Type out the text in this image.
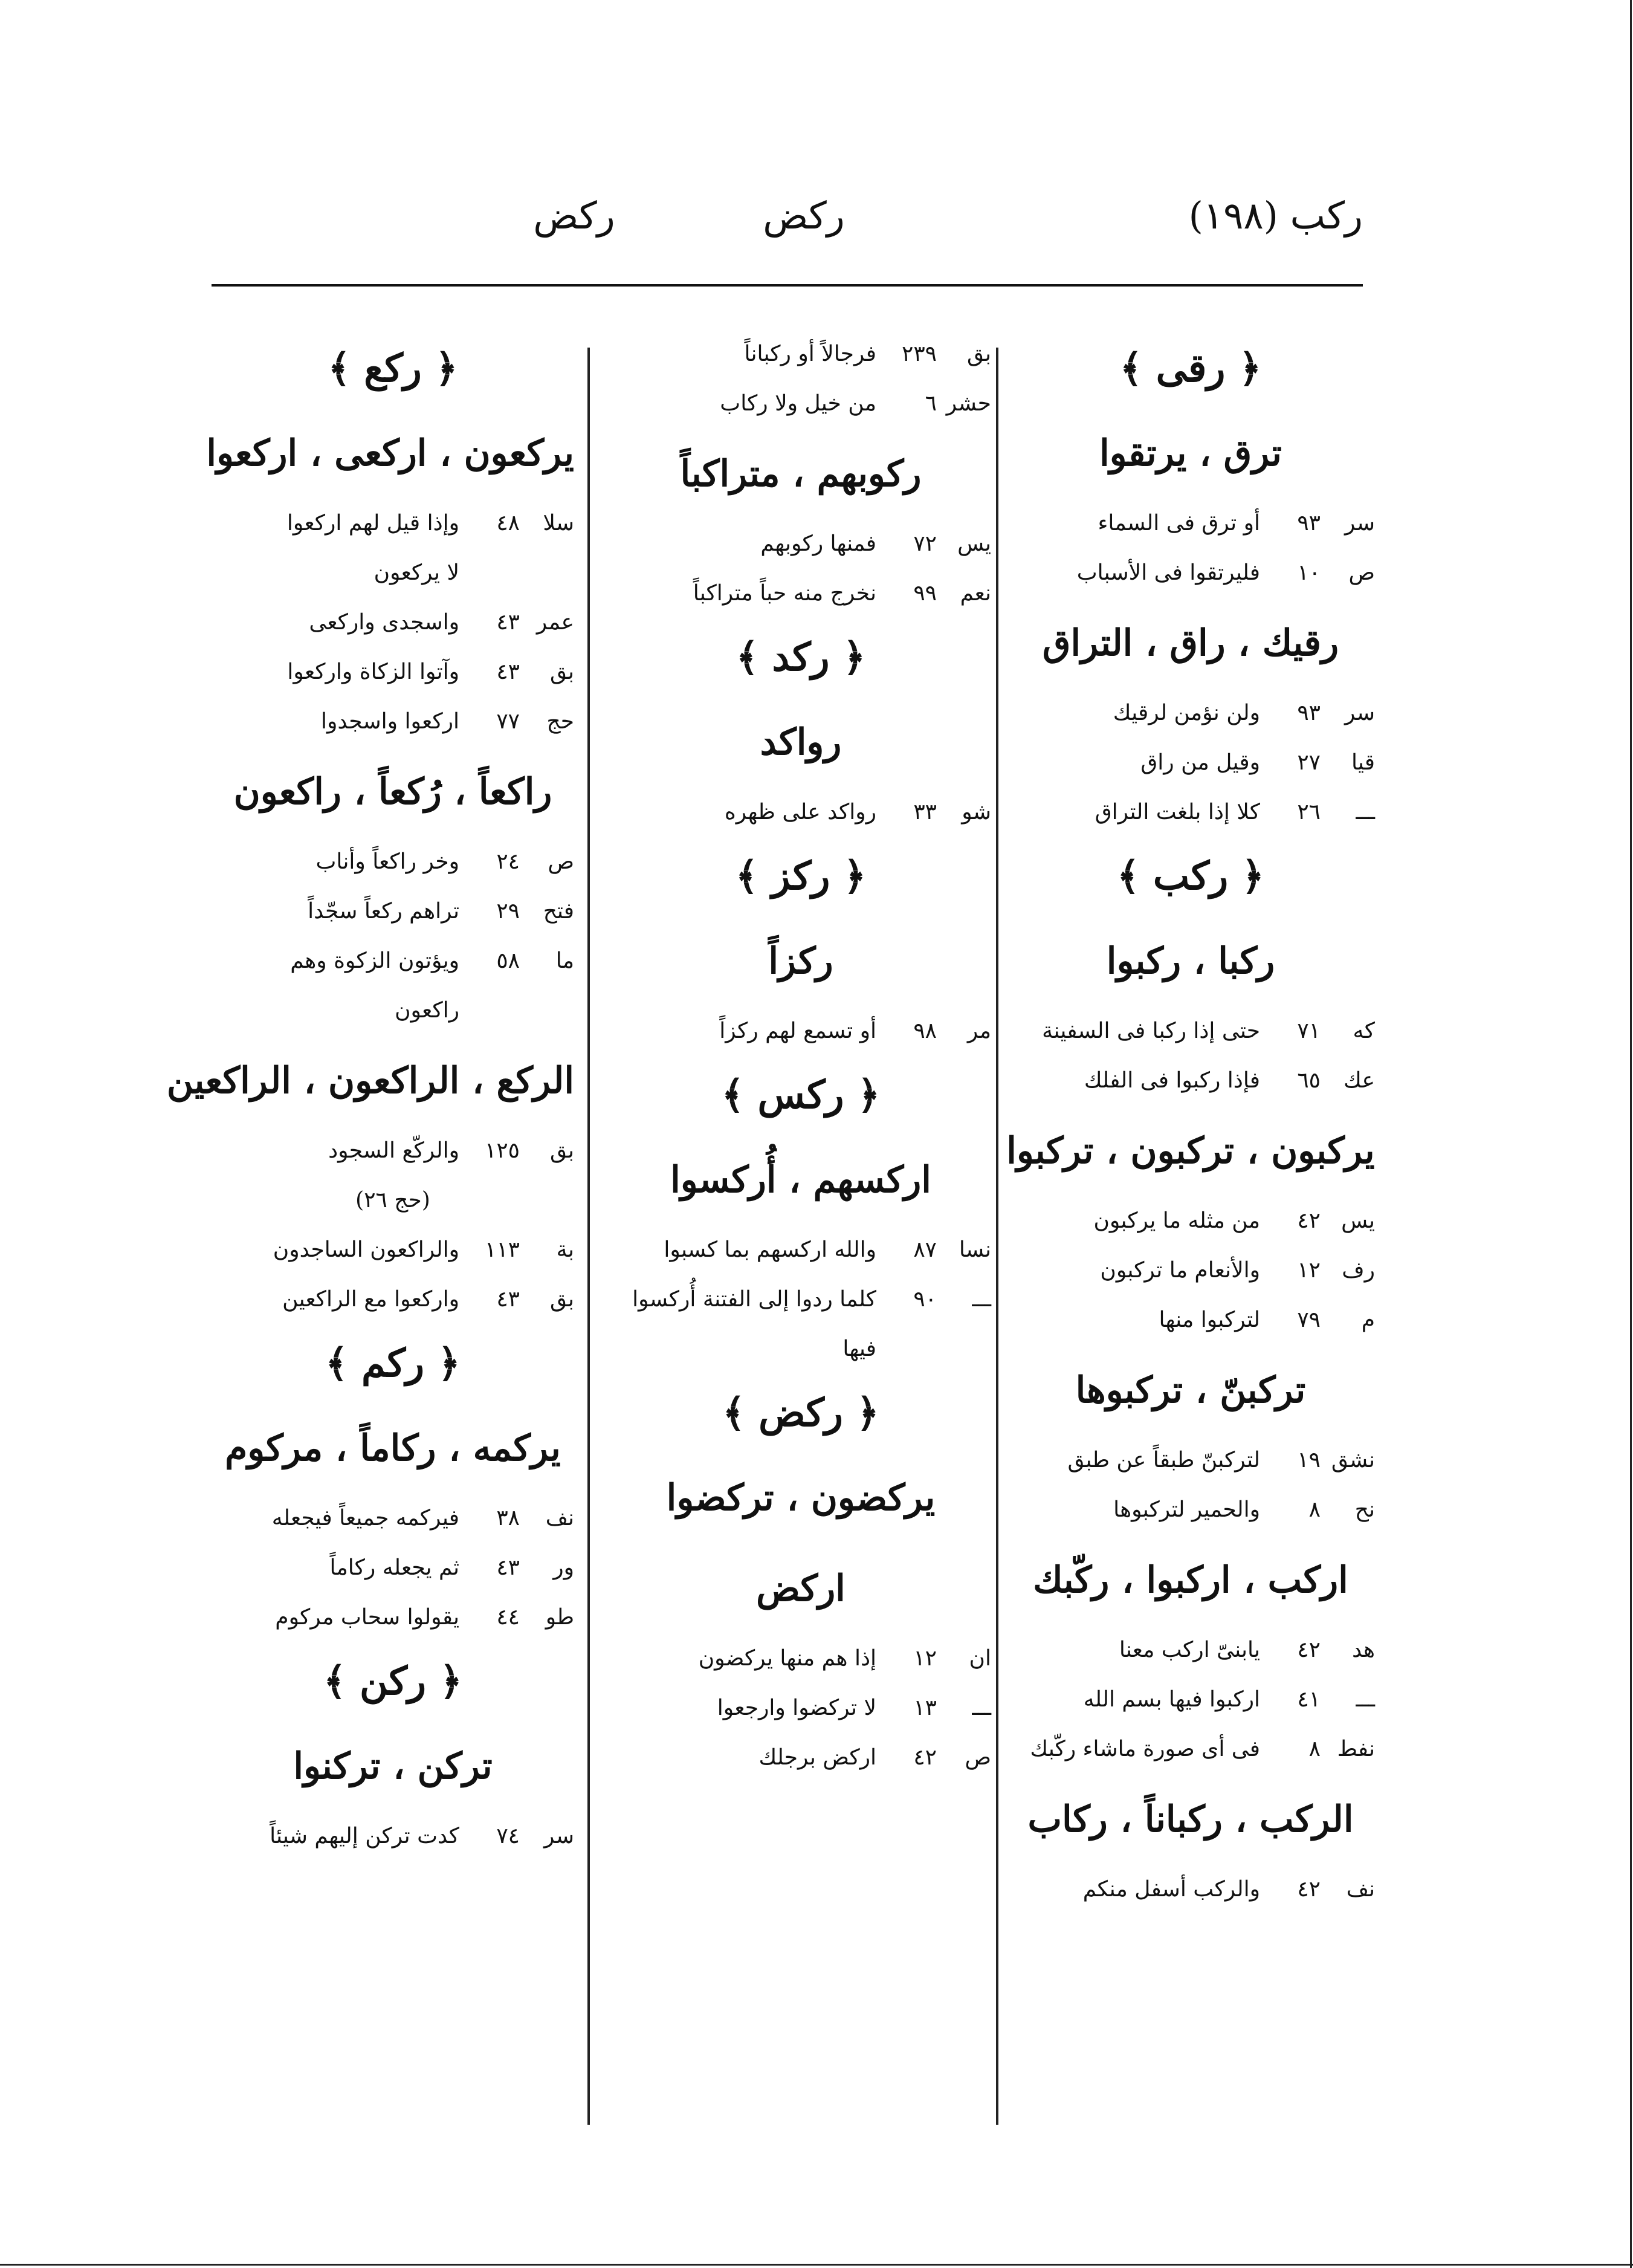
ركب (١٩٨)
ركض
ركض
﴿ رقى ﴾
ترق ، يرتقوا
سر٩٣أو ترق فى السماء
ص١٠فليرتقوا فى الأسباب
رقيك ، راق ، التراق
سر٩٣ولن نؤمن لرقيك
قيا٢٧وقيل من راق
ـــ٢٦كلا إذا بلغت التراق
﴿ ركب ﴾
ركبا ، ركبوا
كه٧١حتى إذا ركبا فى السفينة
عك٦٥فإذا ركبوا فى الفلك
يركبون ، تركبون ، تركبوا
يس٤٢من مثله ما يركبون
رف١٢والأنعام ما تركبون
م٧٩لتركبوا منها
تركبنّ ، تركبوها
نشق١٩لتركبنّ طبقاً عن طبق
نح٨والحمير لتركبوها
اركب ، اركبوا ، ركّبك
هد٤٢يابنىّ اركب معنا
ـــ٤١اركبوا فيها بسم الله
نفط٨فى أى صورة ماشاء ركّبك
الركب ، ركباناً ، ركاب
نف٤٢والركب أسفل منكم
بق٢٣٩فرجالاً أو ركباناً
حشر٦من خيل ولا ركاب
ركوبهم ، متراكباً
يس٧٢فمنها ركوبهم
نعم٩٩نخرج منه حباً متراكباً
﴿ ركد ﴾
رواكد
شو٣٣رواكد على ظهره
﴿ ركز ﴾
ركزاً
مر٩٨أو تسمع لهم ركزاً
﴿ ركس ﴾
اركسهم ، أُركسوا
نسا٨٧والله اركسهم بما كسبوا
ـــ٩٠كلما ردوا إلى الفتنة أُركسوا
فيها
﴿ ركض ﴾
يركضون ، تركضوا
اركض
ان١٢إذا هم منها يركضون
ـــ١٣لا تركضوا وارجعوا
ص٤٢اركض برجلك
﴿ ركع ﴾
يركعون ، اركعى ، اركعوا
سلا٤٨وإذا قيل لهم اركعوا
لا يركعون
عمر٤٣واسجدى واركعى
بق٤٣وآتوا الزكاة واركعوا
حج٧٧اركعوا واسجدوا
راكعاً ، رُكعاً ، راكعون
ص٢٤وخر راكعاً وأناب
فتح٢٩تراهم ركعاً سجّداً
ما٥٨ويؤتون الزكوة وهم
راكعون
الركع ، الراكعون ، الراكعين
بق١٢٥والركّع السجود
(حج ٢٦)
بة١١٣والراكعون الساجدون
بق٤٣واركعوا مع الراكعين
﴿ ركم ﴾
يركمه ، ركاماً ، مركوم
نف٣٨فيركمه جميعاً فيجعله
ور٤٣ثم يجعله ركاماً
طو٤٤يقولوا سحاب مركوم
﴿ ركن ﴾
تركن ، تركنوا
سر٧٤كدت تركن إليهم شيئاً
